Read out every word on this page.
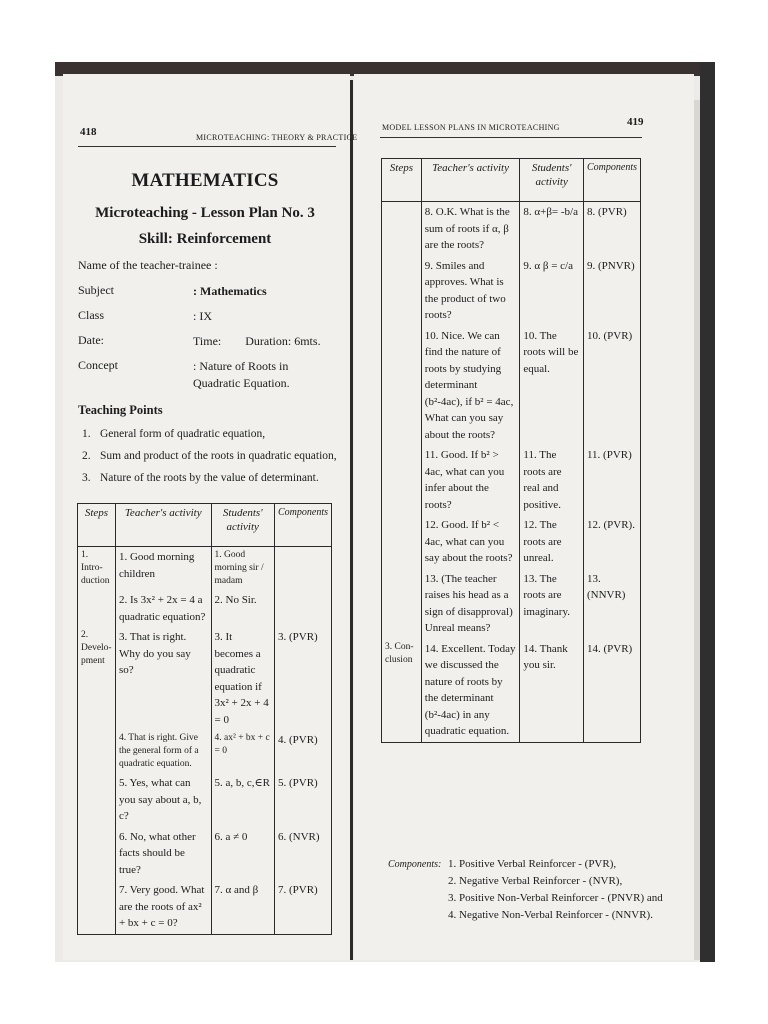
418	MICROTEACHING: THEORY & PRACTICE
MATHEMATICS
Microteaching - Lesson Plan No. 3
Skill: Reinforcement
Name of the teacher-trainee :
Subject	: Mathematics
Class	: IX
Date:	Time:        Duration: 6mts.
Concept	: Nature of Roots in Quadratic Equation.
Teaching Points
1. General form of quadratic equation,
2. Sum and product of the roots in quadratic equation,
3. Nature of the roots by the value of determinant.
Steps	Teacher's activity	Students' activity	Components
1. Intro-duction	1. Good morning children	1. Good morning sir / madam	
	2. Is 3x² + 2x = 4 a quadratic equation?	2. No Sir.	
2. Develo-pment	3. That is right. Why do you say so?	3. It becomes a quadratic equation if 3x² + 2x + 4 = 0	3. (PVR)
	4. That is right. Give the general form of a quadratic equation.	4. ax² + bx + c = 0	4. (PVR)
	5. Yes, what can you say about a, b, c?	5. a, b, c,∈R	5. (PVR)
	6. No, what other facts should be true?	6. a ≠ 0	6. (NVR)
	7. Very good. What are the roots of ax² + bx + c = 0?	7. α and β	7. (PVR)
MODEL LESSON PLANS IN MICROTEACHING	419
Steps	Teacher's activity	Students' activity	Components
	8. O.K. What is the sum of roots if α, β are the roots?	8. α+β= -b/a	8. (PVR)
	9. Smiles and approves. What is the product of two roots?	9. α β = c/a	9. (PNVR)
	10. Nice. We can find the nature of roots by studying determinant (b²-4ac), if b² = 4ac, What can you say about the roots?	10. The roots will be equal.	10. (PVR)
	11. Good. If b² > 4ac, what can you infer about the roots?	11. The roots are real and positive.	11. (PVR)
	12. Good. If b² < 4ac, what can you say about the roots?	12. The roots are unreal.	12. (PVR).
	13. (The teacher raises his head as a sign of disapproval) Unreal means?	13. The roots are imaginary.	13. (NNVR)
3. Con-clusion	14. Excellent. Today we discussed the nature of roots by the determinant (b²-4ac) in any quadratic equation.	14. Thank you sir.	14. (PVR)
Components: 1. Positive Verbal Reinforcer - (PVR),
2. Negative Verbal Reinforcer - (NVR),
3. Positive Non-Verbal Reinforcer - (PNVR) and
4. Negative Non-Verbal Reinforcer - (NNVR).
